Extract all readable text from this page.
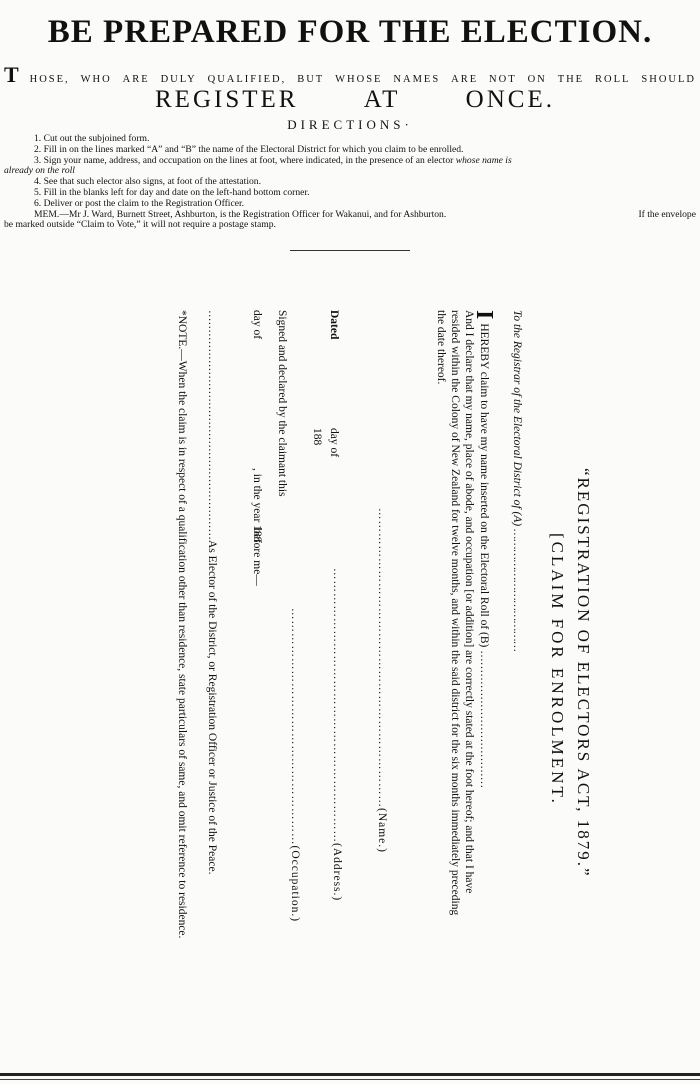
BE PREPARED FOR THE ELECTION.
T HOSE, WHO ARE DULY QUALIFIED, BUT WHOSE NAMES ARE NOT ON THE ROLL SHOULD
REGISTER	AT	ONCE.
DIRECTIONS·
1. Cut out the subjoined form.
2. Fill in on the lines marked “A” and “B” the name of the Electoral District for which you claim to be enrolled.
3. Sign your name, address, and occupation on the lines at foot, where indicated, in the presence of an elector whose name is
already on the roll
4. See that such elector also signs, at foot of the attestation.
5. Fill in the blanks left for day and date on the left-hand bottom corner.
6. Deliver or post the claim to the Registration Officer.
MEM.—Mr J. Ward, Burnett Street, Ashburton, is the Registration Officer for Wakanui, and for Ashburton.	If the envelope
be marked outside “Claim to Vote,” it will not require a postage stamp.
“REGISTRATION OF ELECTORS ACT, 1879.”
[CLAIM FOR ENROLMENT.
To the Registrar of the Electoral District of (A) ………………………………
IHEREBY claim to have my name inserted on the Electoral Roll of (B) ………………………………
And I declare that my name, place of abode, and occupation [or addition] are correctly stated at the foot hereof; and that I have
resided within the Colony of New Zealand for twelve months, and within the said district for the six months immediately preceding
the date thereof.
………………………………………………………………(Name.)
Dated
day of
188
…………………………………………………………(Address.)
…………………………………………………(Occupation.)
Signed and declared by the claimant this
day of
, in the year 188
before me—
……………………………………………………As Elector of the District, or Registration Officer or Justice of the Peace.
*NOTE.—When the claim is in respect of a qualification other than residence, state particulars of same, and omit reference to residence.
